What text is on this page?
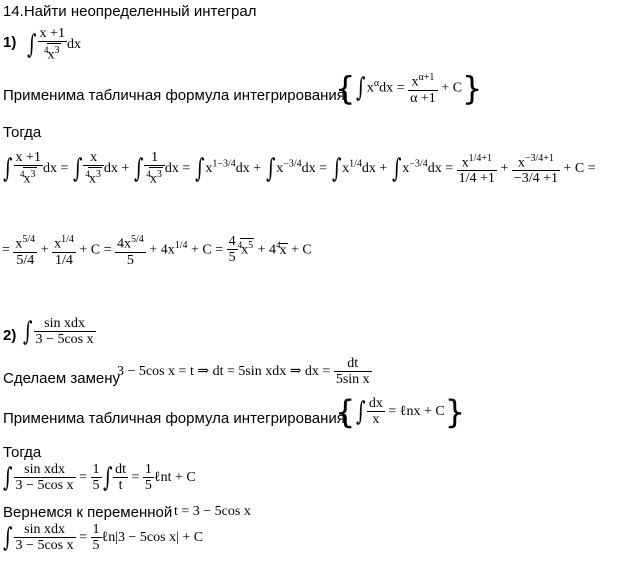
14.Найти неопределенный интеграл
1) ∫ $\frac{x +1}{^4x^3}$ dx
Применима табличная формула интегрирования
$\{\int x^\alpha dx = \frac{x^{\alpha+1}}{\alpha +1} + C\}$
Тогда
∫ $\frac{x +1}{^4x^3}$ dx = ∫ $\frac{x}{^4x^3}$ dx + ∫ $\frac{1}{^4x^3}$ dx = $\int x^{1-3/4}dx + \int x^{-3/4}dx = \int x^{1/4}dx + \int x^{-3/4}dx = \frac{x^{1/4+1}}{1/4 +1} + \frac{x^{-3/4+1}}{-3/4 +1} + C$ =
= $\frac{x^{5/4}}{5/4} + \frac{x^{1/4}}{1/4} + C = \frac{4x^{5/4}}{5} + 4x^{1/4} + C = \frac{4}{5} ^4x^5 + 4^4x + C$
2) ∫ $\frac{\text{sin xdx}}{\text{3 − 5cos x}}$
Сделаем замену
3 − 5cos x = t ⇒ dt = 5sin xdx ⇒ dx = $\frac{dt}{\text{5sin x}}$
Применима табличная формула интегрирования
{∫ $\frac{dx}{x}$ = ℓnx + C}
Тогда
∫ $\frac{\text{sin xdx}}{\text{3 − 5cos x}} = \frac{1}{5}$ ∫ $\frac{dt}{t} = \frac{1}{5}$ ℓnt + C
Вернемся к переменной t = 3 − 5cos x
∫ $\frac{\text{sin xdx}}{\text{3 − 5cos x}} = \frac{1}{5}$ ℓn|3 − 5cos x| + C
